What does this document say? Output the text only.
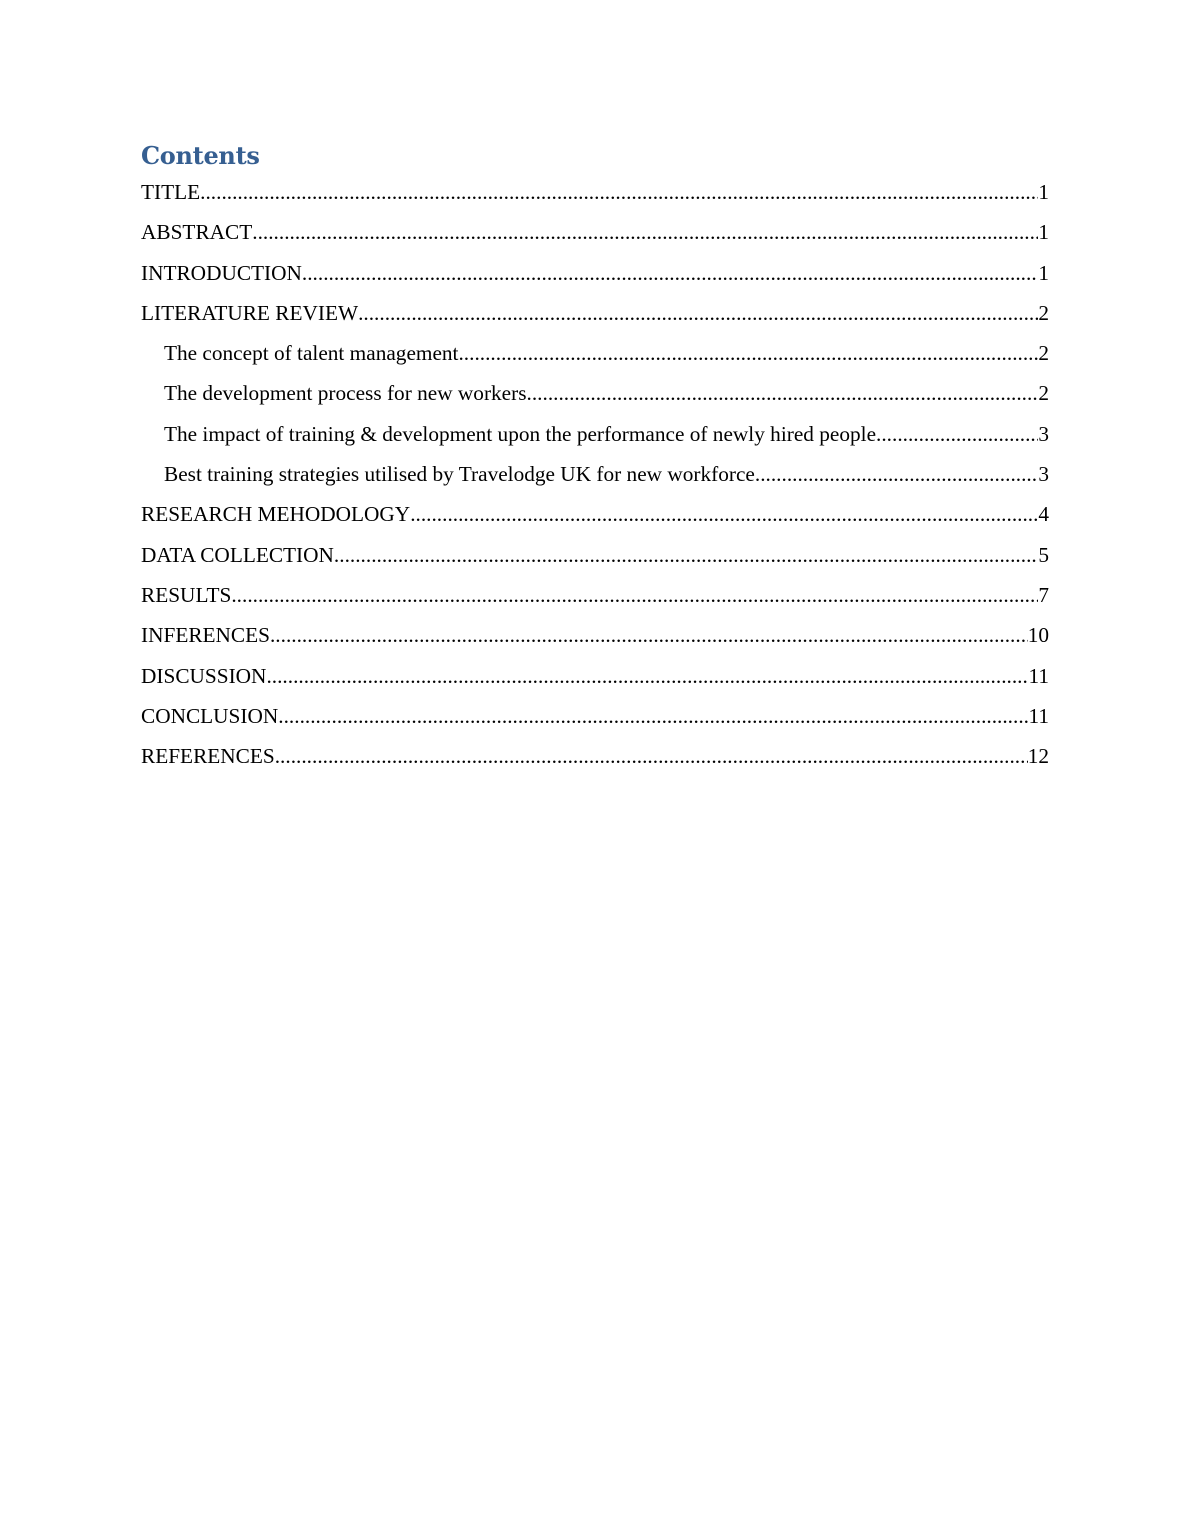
Contents
TITLE .....	1
ABSTRACT .....	1
INTRODUCTION .....	1
LITERATURE REVIEW .....	2
The concept of talent management .....	2
The development process for new workers .....	2
The impact of training & development upon the performance of newly hired people .....	3
Best training strategies utilised by Travelodge UK for new workforce .....	3
RESEARCH MEHODOLOGY .....	4
DATA COLLECTION .....	5
RESULTS .....	7
INFERENCES .....	10
DISCUSSION .....	11
CONCLUSION .....	11
REFERENCES .....	12
